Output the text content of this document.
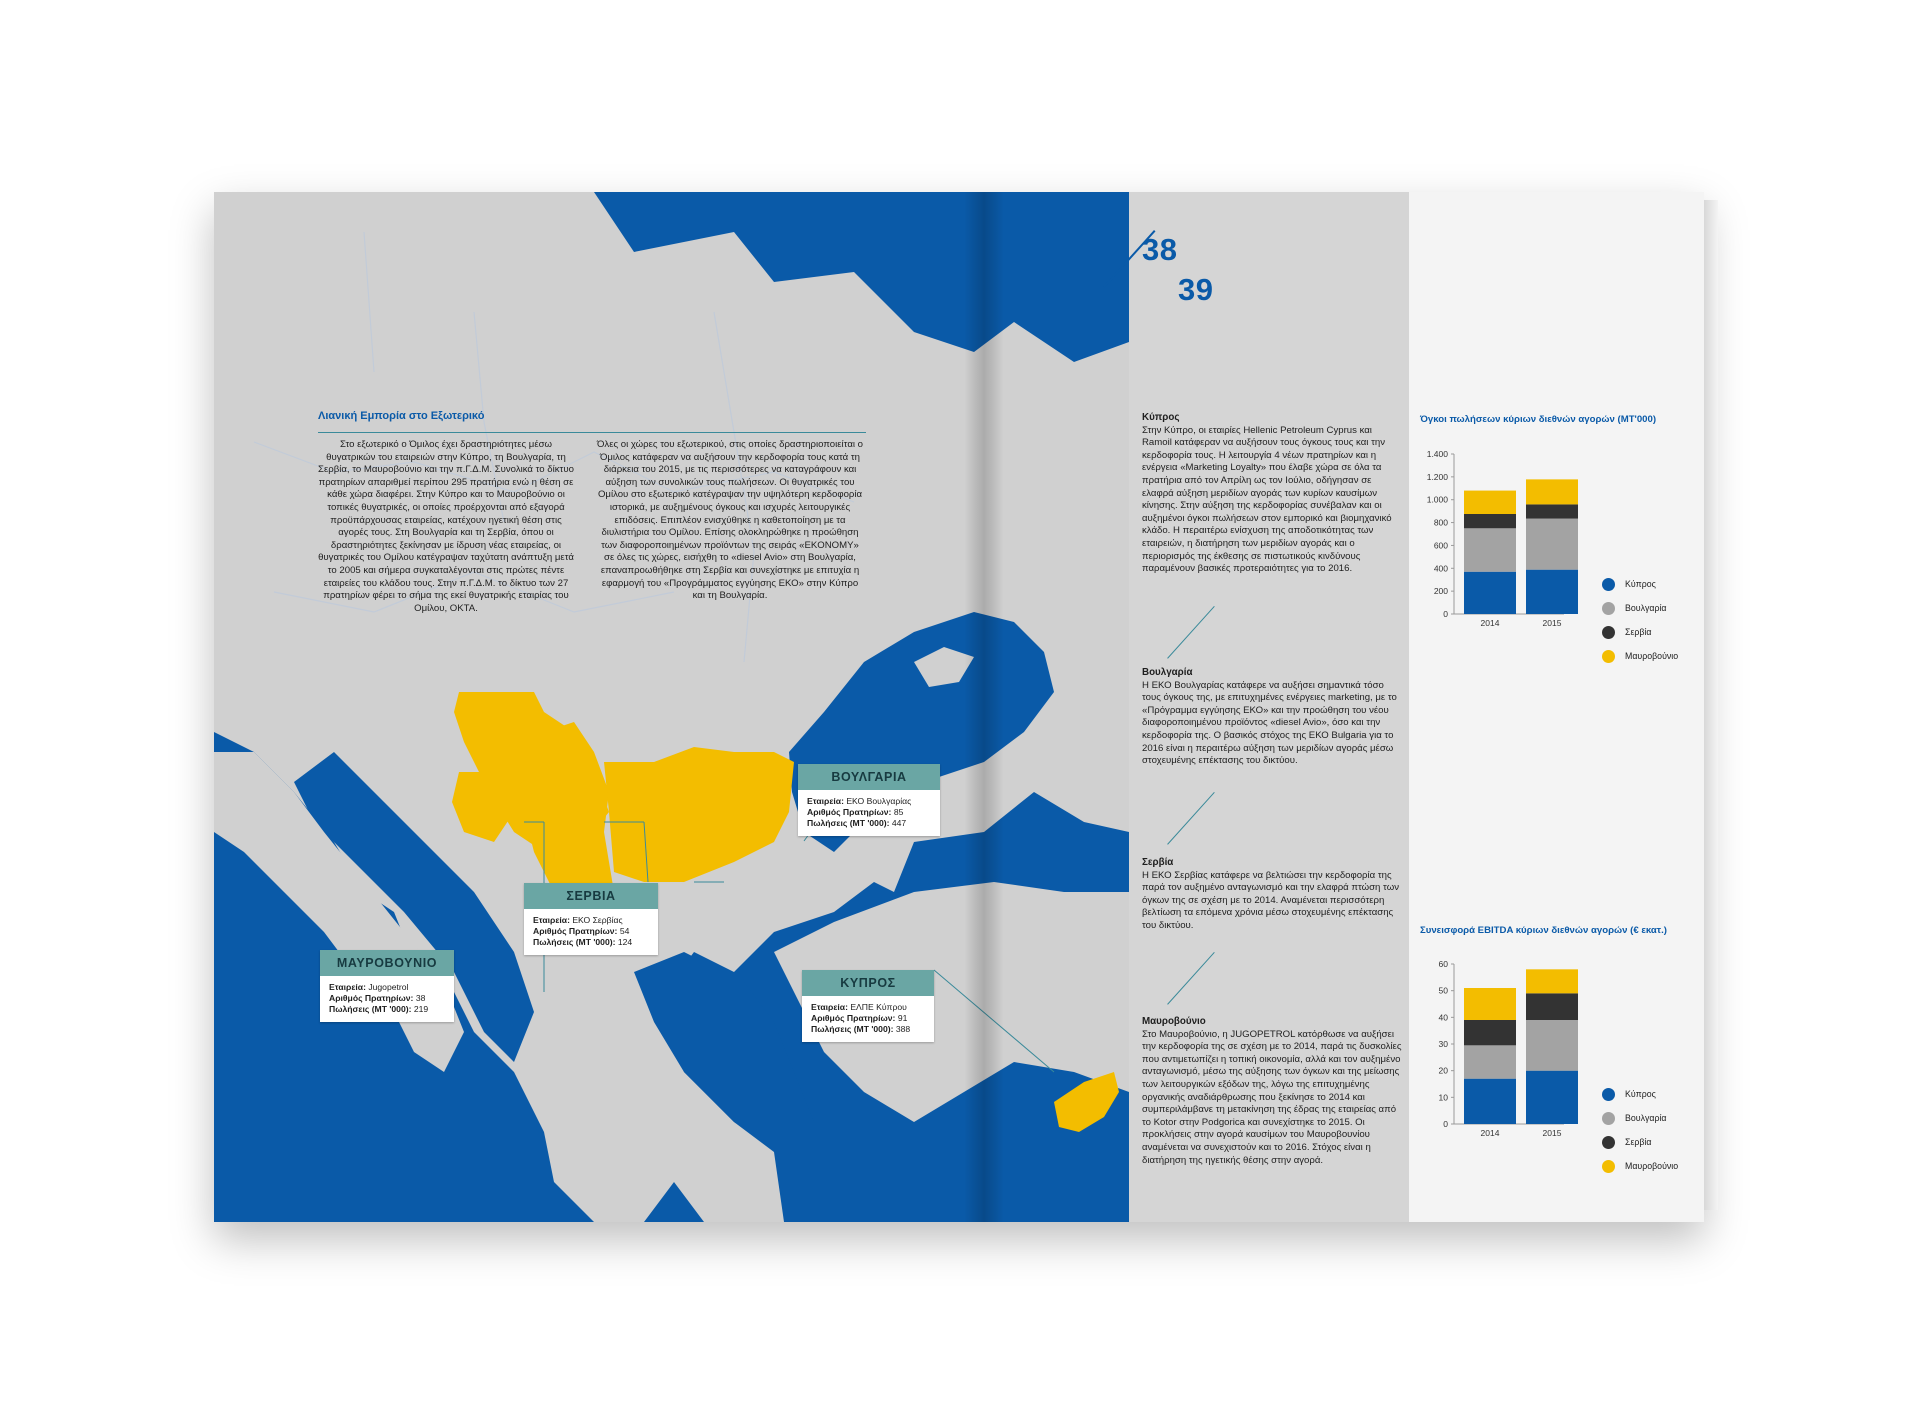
38
39
Λιανική Εμπορία στο Εξωτερικό
Στο εξωτερικό ο Όμιλος έχει δραστηριότητες μέσω θυγατρικών του εταιρειών στην Κύπρο, τη Βουλγαρία, τη Σερβία, το Μαυροβούνιο και την π.Γ.Δ.Μ. Συνολικά το δίκτυο πρατηρίων απαριθμεί περίπου 295 πρατήρια ενώ η θέση σε κάθε χώρα διαφέρει. Στην Κύπρο και το Μαυροβούνιο οι τοπικές θυγατρικές, οι οποίες προέρχονται από εξαγορά προϋπάρχουσας εταιρείας, κατέχουν ηγετική θέση στις αγορές τους. Στη Βουλγαρία και τη Σερβία, όπου οι δραστηριότητες ξεκίνησαν με ίδρυση νέας εταιρείας, οι θυγατρικές του Ομίλου κατέγραψαν ταχύτατη ανάπτυξη μετά το 2005 και σήμερα συγκαταλέγονται στις πρώτες πέντε εταιρείες του κλάδου τους. Στην π.Γ.Δ.Μ. το δίκτυο των 27 πρατηρίων φέρει το σήμα της εκεί θυγατρικής εταιρίας του Ομίλου, ΟΚΤΑ.
Όλες οι χώρες του εξωτερικού, στις οποίες δραστηριοποιείται ο Όμιλος κατάφεραν να αυξήσουν την κερδοφορία τους κατά τη διάρκεια του 2015, με τις περισσότερες να καταγράφουν και αύξηση των συνολικών τους πωλήσεων. Οι θυγατρικές του Ομίλου στο εξωτερικό κατέγραψαν την υψηλότερη κερδοφορία ιστορικά, με αυξημένους όγκους και ισχυρές λειτουργικές επιδόσεις. Επιπλέον ενισχύθηκε η καθετοποίηση με τα διυλιστήρια του Ομίλου. Επίσης ολοκληρώθηκε η προώθηση των διαφοροποιημένων προϊόντων της σειράς «EKONOMY» σε όλες τις χώρες, εισήχθη το «diesel Avio» στη Βουλγαρία, επαναπροωθήθηκε στη Σερβία και συνεχίστηκε με επιτυχία η εφαρμογή του «Προγράμματος εγγύησης ΕΚΟ» στην Κύπρο και τη Βουλγαρία.
ΒΟΥΛΓΑΡΙΑ
Εταιρεία: ΕΚΟ Βουλγαρίας
Αριθμός Πρατηρίων: 85
Πωλήσεις (ΜΤ '000): 447
ΣΕΡΒΙΑ
Εταιρεία: ΕΚΟ Σερβίας
Αριθμός Πρατηρίων: 54
Πωλήσεις (ΜΤ '000): 124
ΜΑΥΡΟΒΟΥΝΙΟ
Εταιρεία: Jugopetrol
Αριθμός Πρατηρίων: 38
Πωλήσεις (ΜΤ '000): 219
ΚΥΠΡΟΣ
Εταιρεία: ΕΛΠΕ Κύπρου
Αριθμός Πρατηρίων: 91
Πωλήσεις (ΜΤ '000): 388
Κύπρος
Στην Κύπρο, οι εταιρίες Hellenic Petroleum Cyprus και Ramoil κατάφεραν να αυξήσουν τους όγκους τους και την κερδοφορία τους. Η λειτουργία 4 νέων πρατηρίων και η ενέργεια «Marketing Loyalty» που έλαβε χώρα σε όλα τα πρατήρια από τον Απρίλη ως τον Ιούλιο, οδήγησαν σε ελαφρά αύξηση μεριδίων αγοράς των κυρίων καυσίμων κίνησης. Στην αύξηση της κερδοφορίας συνέβαλαν και οι αυξημένοι όγκοι πωλήσεων στον εμπορικό και βιομηχανικό κλάδο. Η περαιτέρω ενίσχυση της αποδοτικότητας των εταιρειών, η διατήρηση των μεριδίων αγοράς και ο περιορισμός της έκθεσης σε πιστωτικούς κινδύνους παραμένουν βασικές προτεραιότητες για το 2016.
Βουλγαρία
Η ΕΚΟ Βουλγαρίας κατάφερε να αυξήσει σημαντικά τόσο τους όγκους της, με επιτυχημένες ενέργειες marketing, με το «Πρόγραμμα εγγύησης ΕΚΟ» και την προώθηση του νέου διαφοροποιημένου προϊόντος «diesel Avio», όσο και την κερδοφορία της. Ο βασικός στόχος της ΕΚΟ Bulgaria για το 2016 είναι η περαιτέρω αύξηση των μεριδίων αγοράς μέσω στοχευμένης επέκτασης του δικτύου.
Σερβία
Η ΕΚΟ Σερβίας κατάφερε να βελτιώσει την κερδοφορία της παρά τον αυξημένο ανταγωνισμό και την ελαφρά πτώση των όγκων της σε σχέση με το 2014. Αναμένεται περισσότερη βελτίωση τα επόμενα χρόνια μέσω στοχευμένης επέκτασης του δικτύου.
Μαυροβούνιο
Στο Μαυροβούνιο, η JUGOPETROL κατόρθωσε να αυξήσει την κερδοφορία της σε σχέση με το 2014, παρά τις δυσκολίες που αντιμετωπίζει η τοπική οικονομία, αλλά και τον αυξημένο ανταγωνισμό, μέσω της αύξησης των όγκων και της μείωσης των λειτουργικών εξόδων της, λόγω της επιτυχημένης οργανικής αναδιάρθρωσης που ξεκίνησε το 2014 και συμπεριλάμβανε τη μετακίνηση της έδρας της εταιρείας από το Kotor στην Podgorica και συνεχίστηκε το 2015. Οι προκλήσεις στην αγορά καυσίμων του Μαυροβουνίου αναμένεται να συνεχιστούν και το 2016. Στόχος είναι η διατήρηση της ηγετικής θέσης στην αγορά.
Όγκοι πωλήσεων κύριων διεθνών αγορών (ΜΤ'000)
0
200
400
600
800
1.000
1.200
1.400
2014	2015
Κύπρος
Βουλγαρία
Σερβία
Μαυροβούνιο
Συνεισφορά EBITDA κύριων διεθνών αγορών (€ εκατ.)
0
10
20
30
40
50
60
2014	2015
Κύπρος
Βουλγαρία
Σερβία
Μαυροβούνιο
